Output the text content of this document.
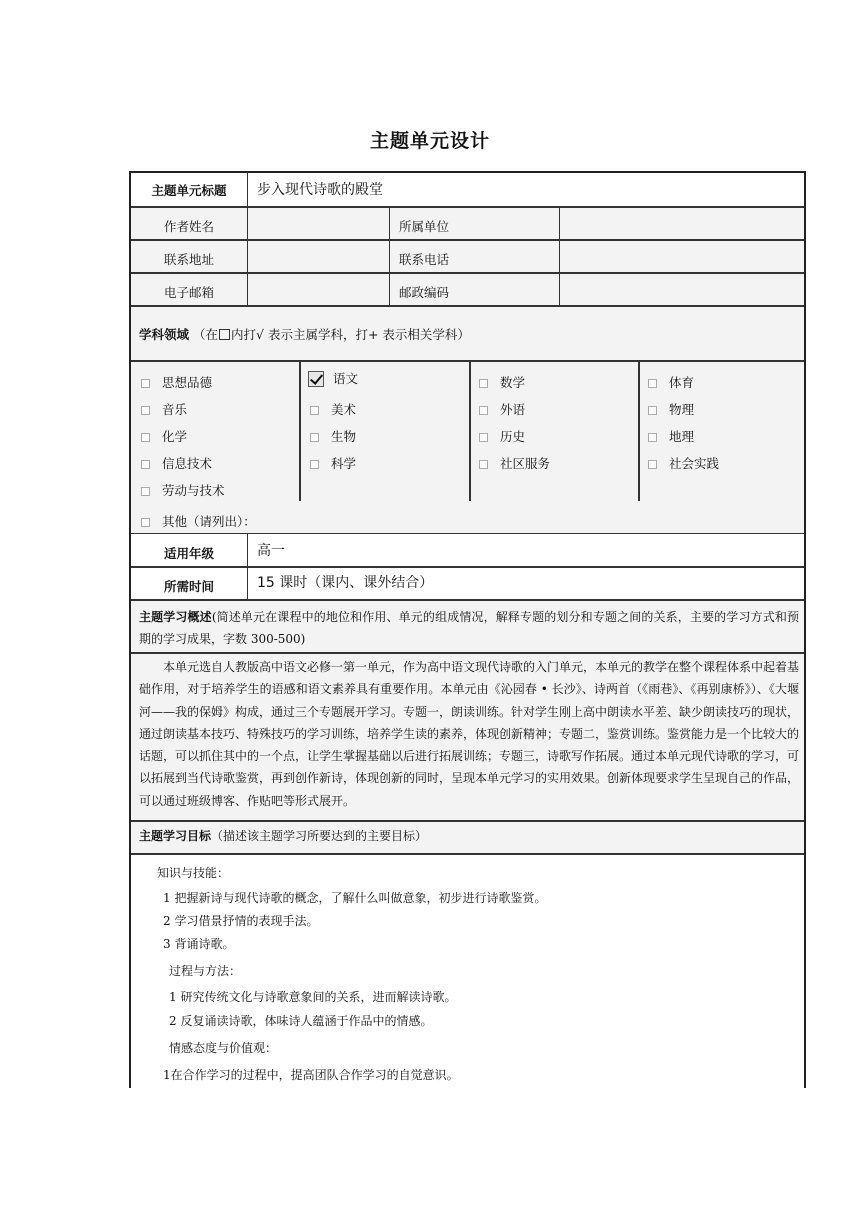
主题单元设计
主题单元标题	步入现代诗歌的殿堂
作者姓名	所属单位
联系地址	联系电话
电子邮箱	邮政编码
学科领域 （在 内打√ 表示主属学科，打+ 表示相关学科）
思想品德
音乐
化学
信息技术
劳动与技术
语文
美术
生物
科学
数学
外语
历史
社区服务
体育
物理
地理
社会实践
其他（请列出）：
适用年级	高一
所需时间	15 课时（课内、课外结合）
主题学习概述(简述单元在课程中的地位和作用、单元的组成情况，解释专题的划分和专题之间的关系，主要的学习方式和预期的学习成果，字数 300-500)
本单元选自人教版高中语文必修一第一单元，作为高中语文现代诗歌的入门单元，本单元的教学在整个课程体系中起着基础作用，对于培养学生的语感和语文素养具有重要作用。本单元由《沁园春 • 长沙》、诗两首（《雨巷》、《再别康桥》）、《大堰河——我的保姆》构成，通过三个专题展开学习。专题一，朗读训练。针对学生刚上高中朗读水平差、缺少朗读技巧的现状，通过朗读基本技巧、特殊技巧的学习训练，培养学生读的素养，体现创新精神；专题二，鉴赏训练。鉴赏能力是一个比较大的话题，可以抓住其中的一个点，让学生掌握基础以后进行拓展训练；专题三，诗歌写作拓展。通过本单元现代诗歌的学习，可以拓展到当代诗歌鉴赏，再到创作新诗，体现创新的同时，呈现本单元学习的实用效果。创新体现要求学生呈现自己的作品，可以通过班级博客、作贴吧等形式展开。
主题学习目标（描述该主题学习所要达到的主要目标）
知识与技能：
1 把握新诗与现代诗歌的概念，了解什么叫做意象，初步进行诗歌鉴赏。
2 学习借景抒情的表现手法。
3 背诵诗歌。
过程与方法：
1 研究传统文化与诗歌意象间的关系，进而解读诗歌。
2 反复诵读诗歌，体味诗人蕴涵于作品中的情感。
情感态度与价值观：
1在合作学习的过程中，提高团队合作学习的自觉意识。
